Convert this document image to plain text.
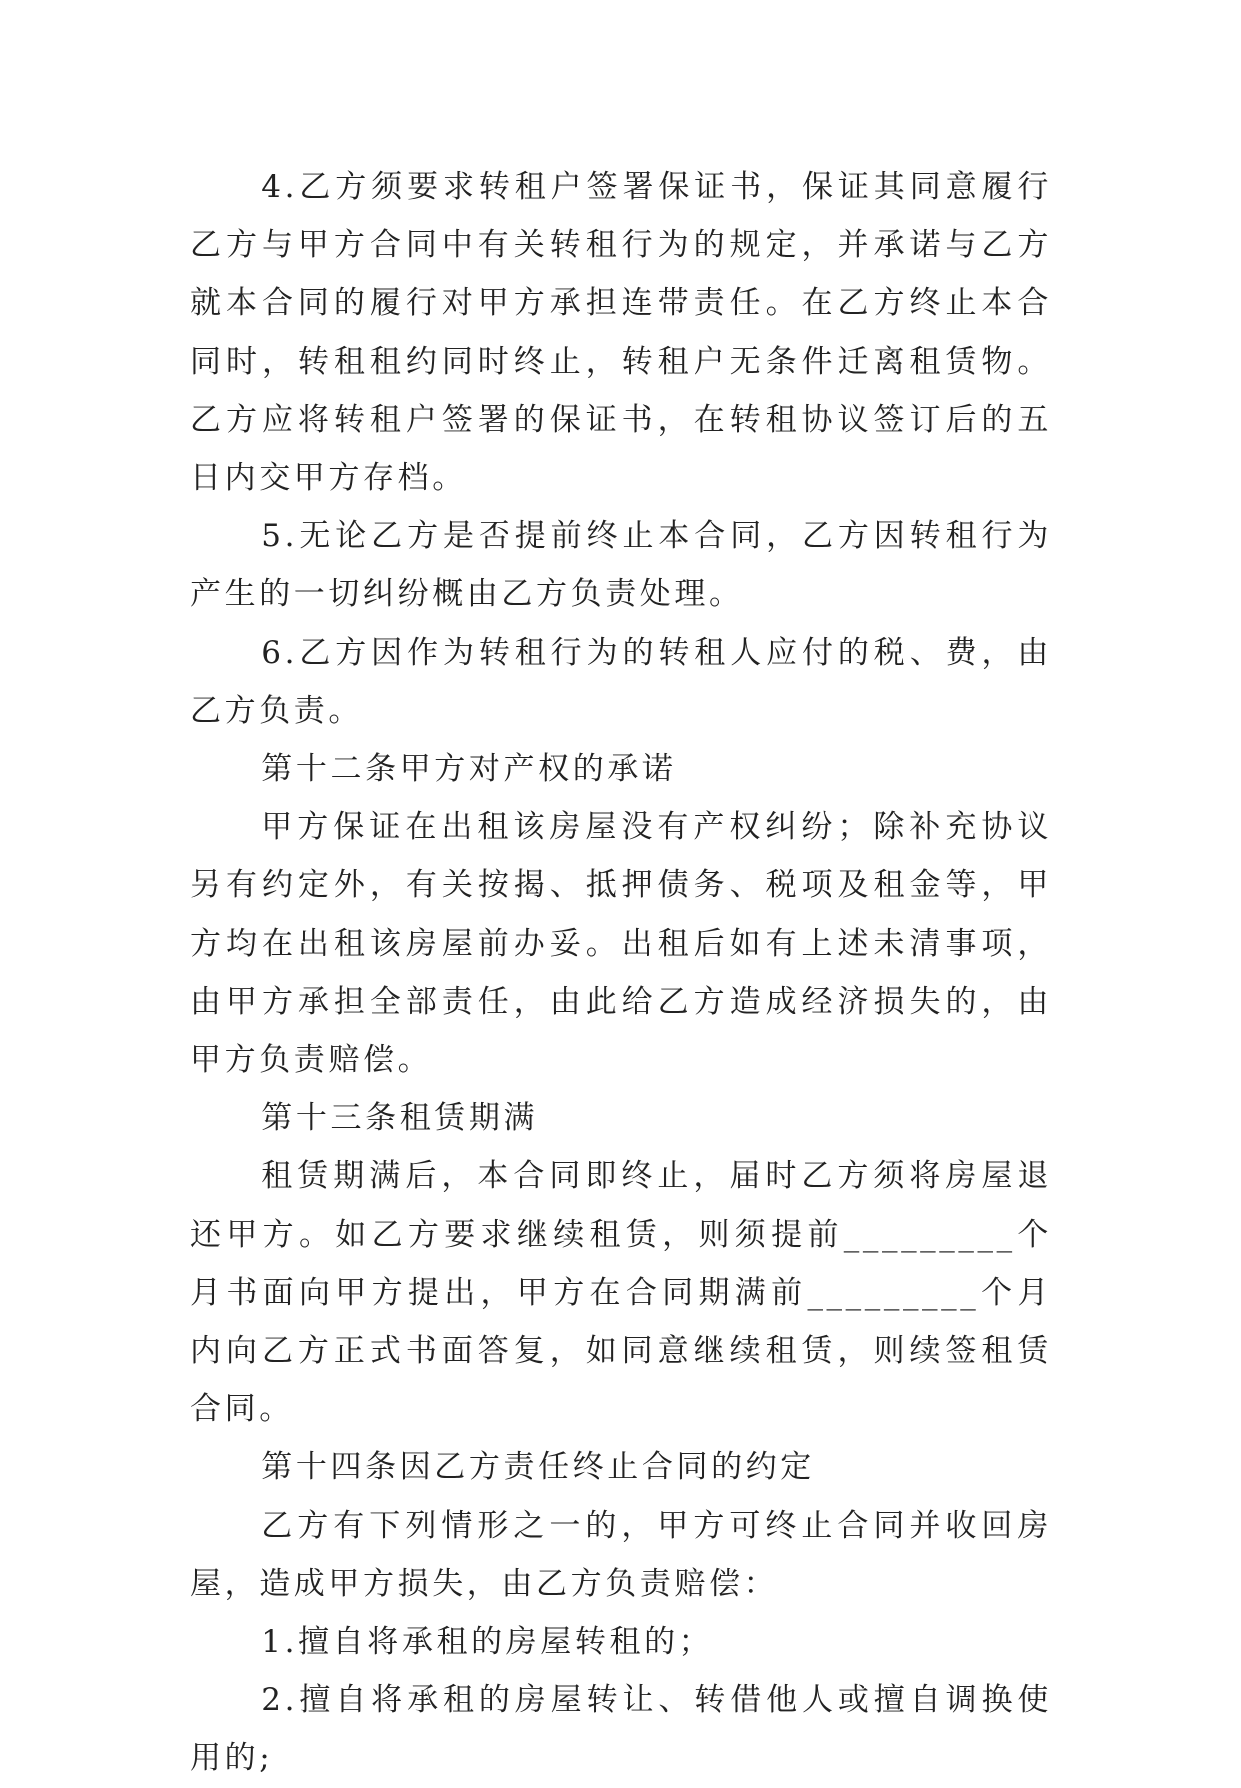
4.乙方须要求转租户签署保证书，保证其同意履行乙方与甲方合同中有关转租行为的规定，并承诺与乙方就本合同的履行对甲方承担连带责任。在乙方终止本合同时，转租租约同时终止，转租户无条件迁离租赁物。乙方应将转租户签署的保证书，在转租协议签订后的五日内交甲方存档。

5.无论乙方是否提前终止本合同，乙方因转租行为产生的一切纠纷概由乙方负责处理。

6.乙方因作为转租行为的转租人应付的税、费，由乙方负责。

第十二条甲方对产权的承诺

甲方保证在出租该房屋没有产权纠纷；除补充协议另有约定外，有关按揭、抵押债务、税项及租金等，甲方均在出租该房屋前办妥。出租后如有上述未清事项，由甲方承担全部责任，由此给乙方造成经济损失的，由甲方负责赔偿。

第十三条租赁期满

租赁期满后，本合同即终止，届时乙方须将房屋退还甲方。如乙方要求继续租赁，则须提前_________个月书面向甲方提出，甲方在合同期满前_________个月内向乙方正式书面答复，如同意继续租赁，则续签租赁合同。

第十四条因乙方责任终止合同的约定

乙方有下列情形之一的，甲方可终止合同并收回房屋，造成甲方损失，由乙方负责赔偿：

1.擅自将承租的房屋转租的；

2.擅自将承租的房屋转让、转借他人或擅自调换使用的;
